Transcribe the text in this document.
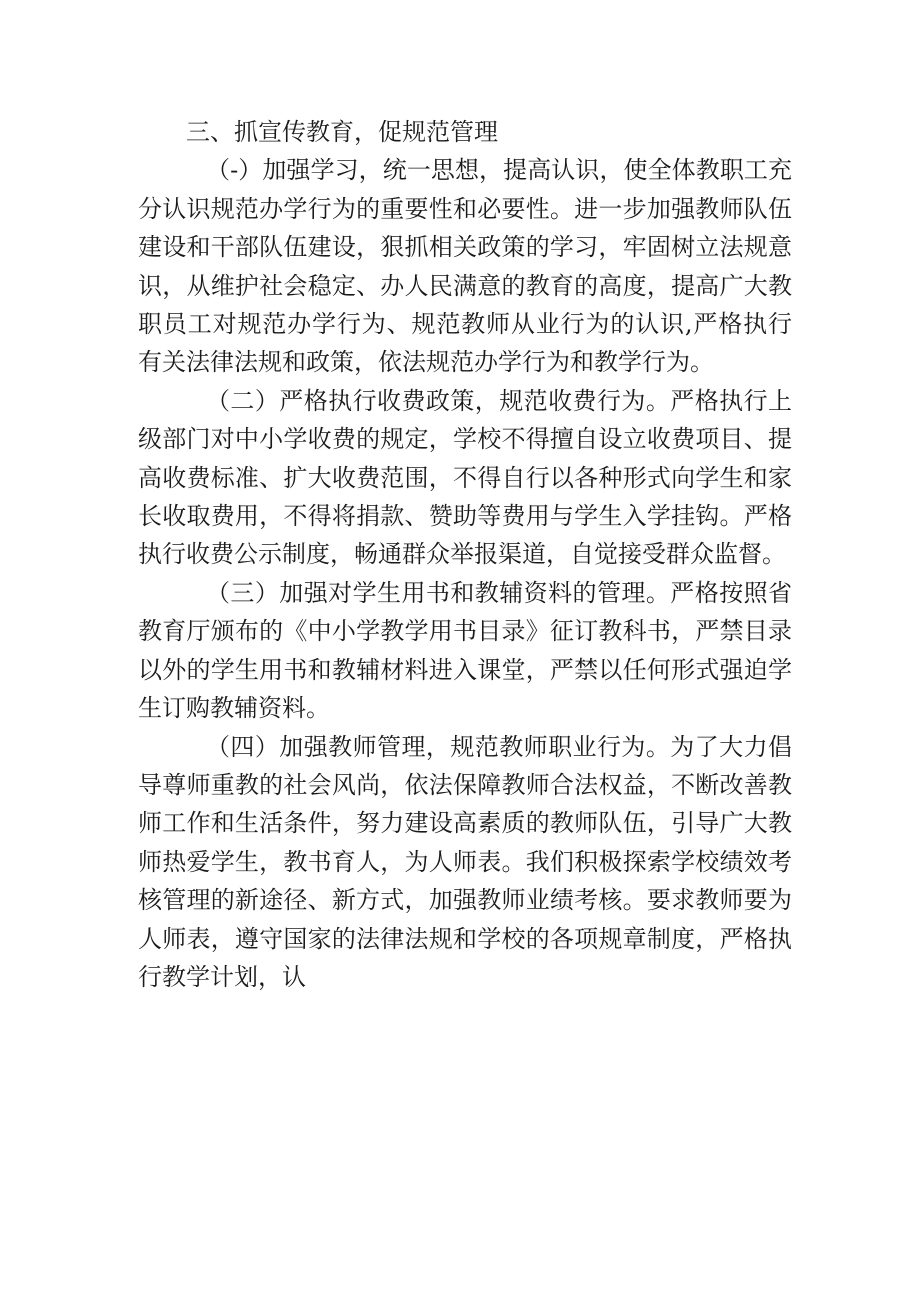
三、抓宣传教育，促规范管理

（-）加强学习，统一思想，提高认识，使全体教职工充分认识规范办学行为的重要性和必要性。进一步加强教师队伍建设和干部队伍建设，狠抓相关政策的学习，牢固树立法规意识，从维护社会稳定、办人民满意的教育的高度，提高广大教职员工对规范办学行为、规范教师从业行为的认识,严格执行有关法律法规和政策，依法规范办学行为和教学行为。

（二）严格执行收费政策，规范收费行为。严格执行上级部门对中小学收费的规定，学校不得擅自设立收费项目、提高收费标准、扩大收费范围，不得自行以各种形式向学生和家长收取费用，不得将捐款、赞助等费用与学生入学挂钩。严格执行收费公示制度，畅通群众举报渠道，自觉接受群众监督。

（三）加强对学生用书和教辅资料的管理。严格按照省教育厅颁布的《中小学教学用书目录》征订教科书，严禁目录以外的学生用书和教辅材料进入课堂，严禁以任何形式强迫学生订购教辅资料。

（四）加强教师管理，规范教师职业行为。为了大力倡导尊师重教的社会风尚，依法保障教师合法权益，不断改善教师工作和生活条件，努力建设高素质的教师队伍，引导广大教师热爱学生，教书育人，为人师表。我们积极探索学校绩效考核管理的新途径、新方式，加强教师业绩考核。要求教师要为人师表，遵守国家的法律法规和学校的各项规章制度，严格执行教学计划，认
